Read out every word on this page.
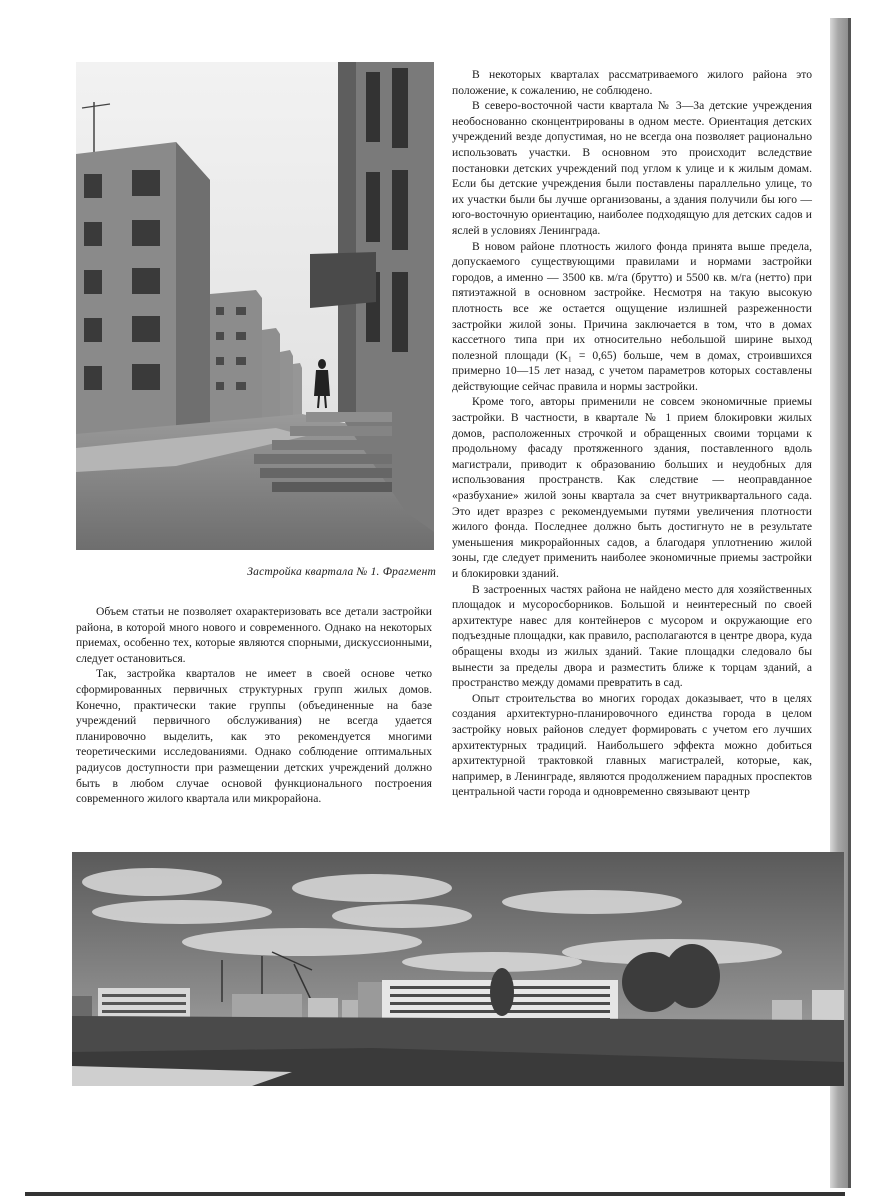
Застройка квартала № 1. Фрагмент

Объем статьи не позволяет охарактеризовать все детали застройки района, в которой много нового и современного. Однако на некоторых приемах, особенно тех, которые являются спорными, дискуссионными, следует остановиться.

Так, застройка кварталов не имеет в своей основе четко сформированных первичных структурных групп жилых домов. Конечно, практически такие группы (объединенные на базе учреждений первичного обслуживания) не всегда удается планировочно выделить, как это рекомендуется многими теоретическими исследованиями. Однако соблюдение оптимальных радиусов доступности при размещении детских учреждений должно быть в любом случае основой функционального построения современного жилого квартала или микрорайона.

В некоторых кварталах рассматриваемого жилого района это положение, к сожалению, не соблюдено.

В северо-восточной части квартала № 3—3а детские учреждения необоснованно сконцентрированы в одном месте. Ориентация детских учреждений везде допустимая, но не всегда она позволяет рационально использовать участки. В основном это происходит вследствие постановки детских учреждений под углом к улице и к жилым домам. Если бы детские учреждения были поставлены параллельно улице, то их участки были бы лучше организованы, а здания получили бы юго — юго-восточную ориентацию, наиболее подходящую для детских садов и яслей в условиях Ленинграда.

В новом районе плотность жилого фонда принята выше предела, допускаемого существующими правилами и нормами застройки городов, а именно — 3500 кв. м/га (брутто) и 5500 кв. м/га (нетто) при пятиэтажной в основном застройке. Несмотря на такую высокую плотность все же остается ощущение излишней разреженности застройки жилой зоны. Причина заключается в том, что в домах кассетного типа при их относительно небольшой ширине выход полезной площади (K₁ = 0,65) больше, чем в домах, строившихся примерно 10—15 лет назад, с учетом параметров которых составлены действующие сейчас правила и нормы застройки.

Кроме того, авторы применили не совсем экономичные приемы застройки. В частности, в квартале № 1 прием блокировки жилых домов, расположенных строчкой и обращенных своими торцами к продольному фасаду протяженного здания, поставленного вдоль магистрали, приводит к образованию больших и неудобных для использования пространств. Как следствие — неоправданное «разбухание» жилой зоны квартала за счет внутриквартального сада. Это идет вразрез с рекомендуемыми путями увеличения плотности жилого фонда. Последнее должно быть достигнуто не в результате уменьшения микрорайонных садов, а благодаря уплотнению жилой зоны, где следует применить наиболее экономичные приемы застройки и блокировки зданий.

В застроенных частях района не найдено место для хозяйственных площадок и мусоросборников. Большой и неинтересный по своей архитектуре навес для контейнеров с мусором и окружающие его подъездные площадки, как правило, располагаются в центре двора, куда обращены входы из жилых зданий. Такие площадки следовало бы вынести за пределы двора и разместить ближе к торцам зданий, а пространство между домами превратить в сад.

Опыт строительства во многих городах доказывает, что в целях создания архитектурно-планировочного единства города в целом застройку новых районов следует формировать с учетом его лучших архитектурных традиций. Наибольшего эффекта можно добиться архитектурной трактовкой главных магистралей, которые, как, например, в Ленинграде, являются продолжением парадных проспектов центральной части города и одновременно связывают центр
